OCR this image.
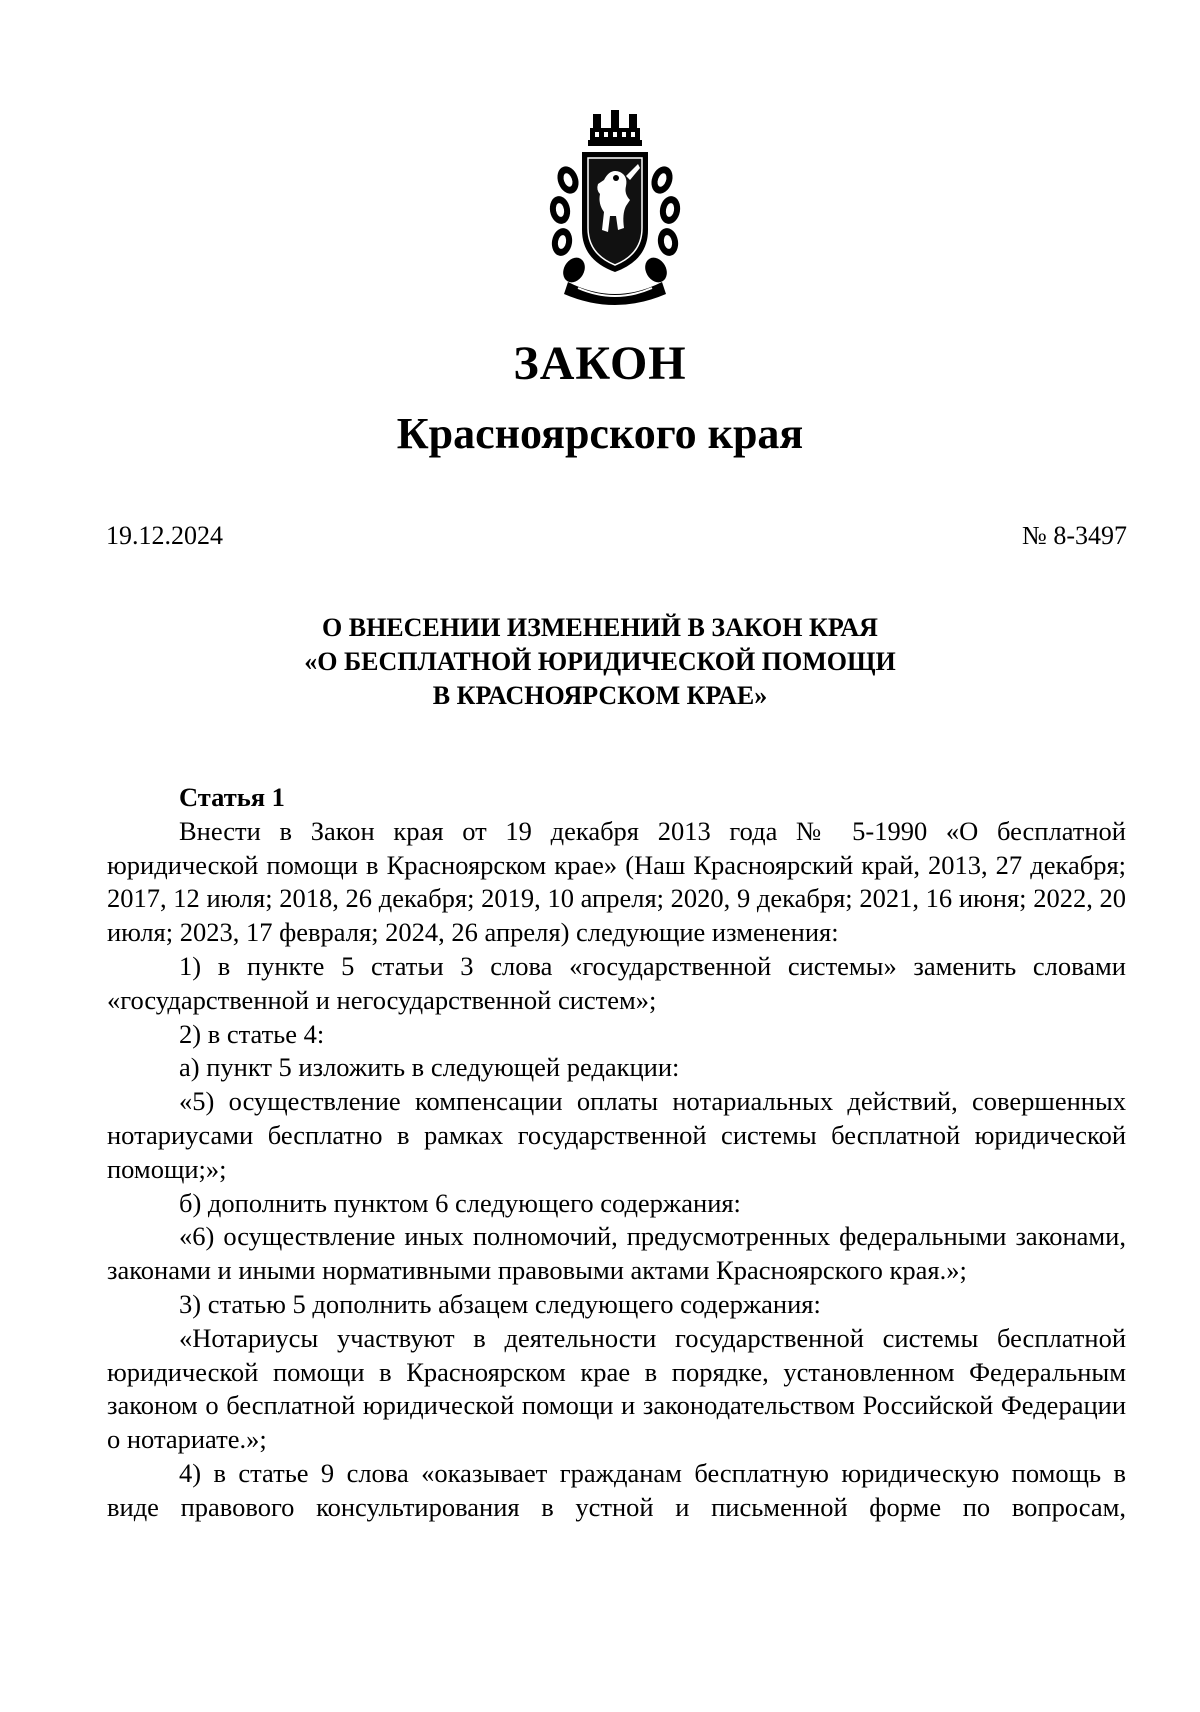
ЗАКОН
Красноярского края
19.12.2024	№ 8-3497
О ВНЕСЕНИИ ИЗМЕНЕНИЙ В ЗАКОН КРАЯ
«О БЕСПЛАТНОЙ ЮРИДИЧЕСКОЙ ПОМОЩИ
В КРАСНОЯРСКОМ КРАЕ»
Статья 1

Внести в Закон края от 19 декабря 2013 года № 5-1990 «О бесплатной юридической помощи в Красноярском крае» (Наш Красноярский край, 2013, 27 декабря; 2017, 12 июля; 2018, 26 декабря; 2019, 10 апреля; 2020, 9 декабря; 2021, 16 июня; 2022, 20 июля; 2023, 17 февраля; 2024, 26 апреля) следующие изменения:

1) в пункте 5 статьи 3 слова «государственной системы» заменить словами «государственной и негосударственной систем»;

2) в статье 4:

а) пункт 5 изложить в следующей редакции:

«5) осуществление компенсации оплаты нотариальных действий, совершенных нотариусами бесплатно в рамках государственной системы бесплатной юридической помощи;»;

б) дополнить пунктом 6 следующего содержания:

«6) осуществление иных полномочий, предусмотренных федеральными законами, законами и иными нормативными правовыми актами Красноярского края.»;

3) статью 5 дополнить абзацем следующего содержания:

«Нотариусы участвуют в деятельности государственной системы бесплатной юридической помощи в Красноярском крае в порядке, установленном Федеральным законом о бесплатной юридической помощи и законодательством Российской Федерации о нотариате.»;

4) в статье 9 слова «оказывает гражданам бесплатную юридическую помощь в виде правового консультирования в устной и письменной форме по вопросам,
